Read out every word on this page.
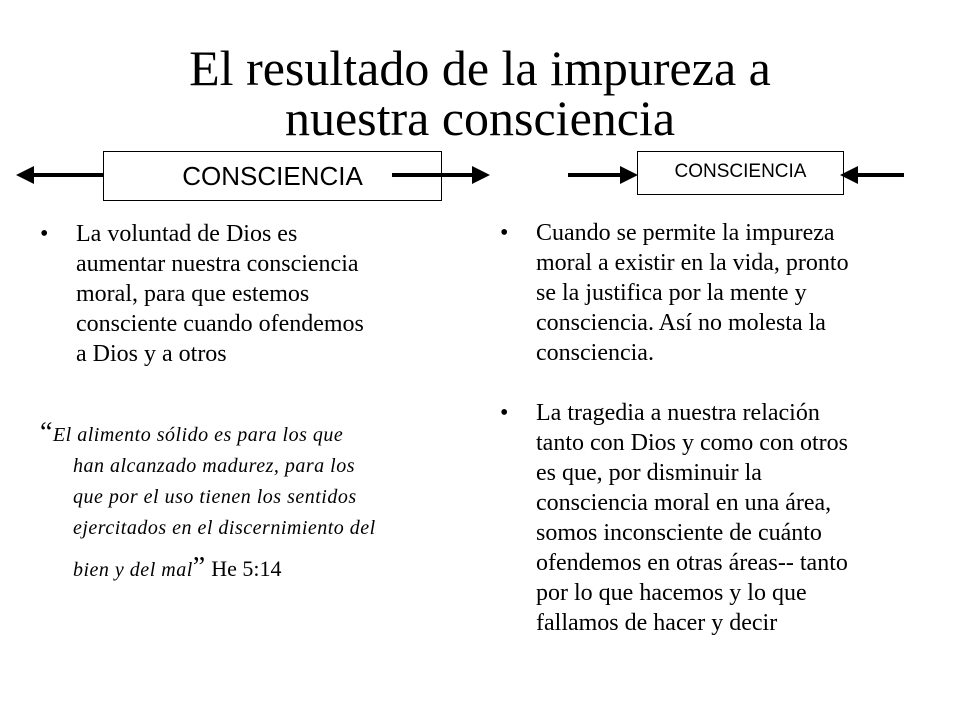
El resultado de la impureza a
nuestra consciencia
CONSCIENCIA	CONSCIENCIA
• La voluntad de Dios es
aumentar nuestra consciencia
moral, para que estemos
consciente cuando ofendemos
a Dios y a otros
“El alimento sólido es para los que
han alcanzado madurez, para los
que por el uso tienen los sentidos
ejercitados en el discernimiento del
bien y del mal” He 5:14
• Cuando se permite la impureza
moral a existir en la vida, pronto
se la justifica por la mente y
consciencia. Así no molesta la
consciencia.
• La tragedia a nuestra relación
tanto con Dios y como con otros
es que, por disminuir la
consciencia moral en una área,
somos inconsciente de cuánto
ofendemos en otras áreas-- tanto
por lo que hacemos y lo que
fallamos de hacer y decir
